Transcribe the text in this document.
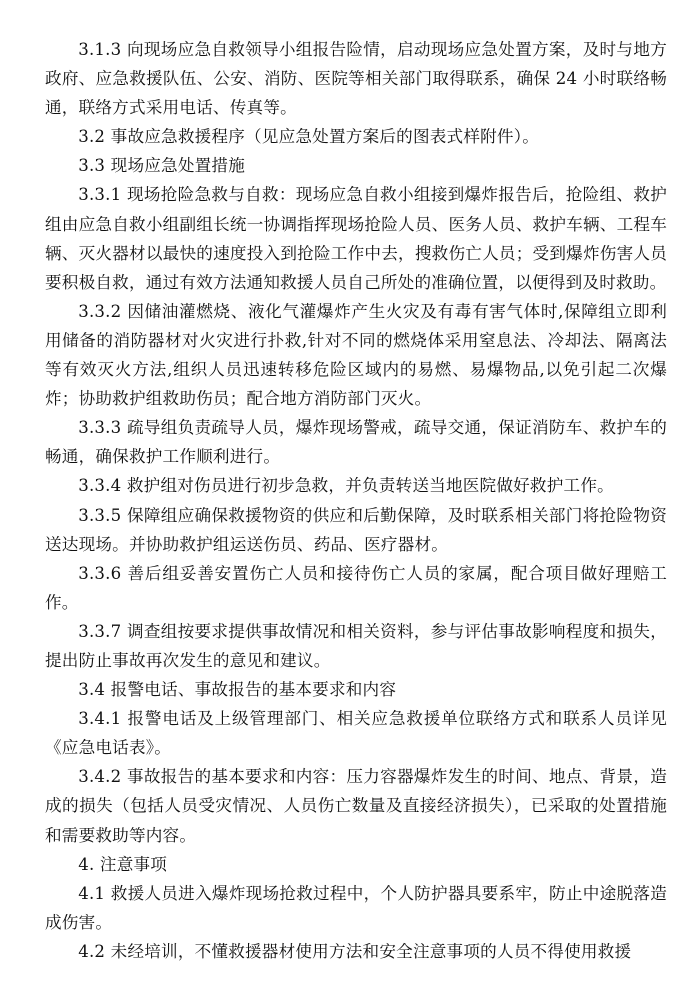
3.1.3 向现场应急自救领导小组报告险情，启动现场应急处置方案，及时与地方政府、应急救援队伍、公安、消防、医院等相关部门取得联系，确保 24 小时联络畅通，联络方式采用电话、传真等。

3.2 事故应急救援程序（见应急处置方案后的图表式样附件）。

3.3 现场应急处置措施

3.3.1 现场抢险急救与自救：现场应急自救小组接到爆炸报告后，抢险组、救护组由应急自救小组副组长统一协调指挥现场抢险人员、医务人员、救护车辆、工程车辆、灭火器材以最快的速度投入到抢险工作中去，搜救伤亡人员；受到爆炸伤害人员要积极自救，通过有效方法通知救援人员自己所处的准确位置，以便得到及时救助。

3.3.2 因储油灌燃烧、液化气灌爆炸产生火灾及有毒有害气体时,保障组立即利用储备的消防器材对火灾进行扑救,针对不同的燃烧体采用窒息法、冷却法、隔离法等有效灭火方法,组织人员迅速转移危险区域内的易燃、易爆物品,以免引起二次爆炸；协助救护组救助伤员；配合地方消防部门灭火。

3.3.3 疏导组负责疏导人员，爆炸现场警戒，疏导交通，保证消防车、救护车的畅通，确保救护工作顺利进行。

3.3.4 救护组对伤员进行初步急救，并负责转送当地医院做好救护工作。

3.3.5 保障组应确保救援物资的供应和后勤保障，及时联系相关部门将抢险物资送达现场。并协助救护组运送伤员、药品、医疗器材。

3.3.6 善后组妥善安置伤亡人员和接待伤亡人员的家属，配合项目做好理赔工作。

3.3.7 调查组按要求提供事故情况和相关资料，参与评估事故影响程度和损失，提出防止事故再次发生的意见和建议。

3.4 报警电话、事故报告的基本要求和内容

3.4.1 报警电话及上级管理部门、相关应急救援单位联络方式和联系人员详见《应急电话表》。

3.4.2 事故报告的基本要求和内容：压力容器爆炸发生的时间、地点、背景，造成的损失（包括人员受灾情况、人员伤亡数量及直接经济损失），已采取的处置措施和需要救助等内容。

4. 注意事项

4.1 救援人员进入爆炸现场抢救过程中，个人防护器具要系牢，防止中途脱落造成伤害。

4.2 未经培训，不懂救援器材使用方法和安全注意事项的人员不得使用救援
